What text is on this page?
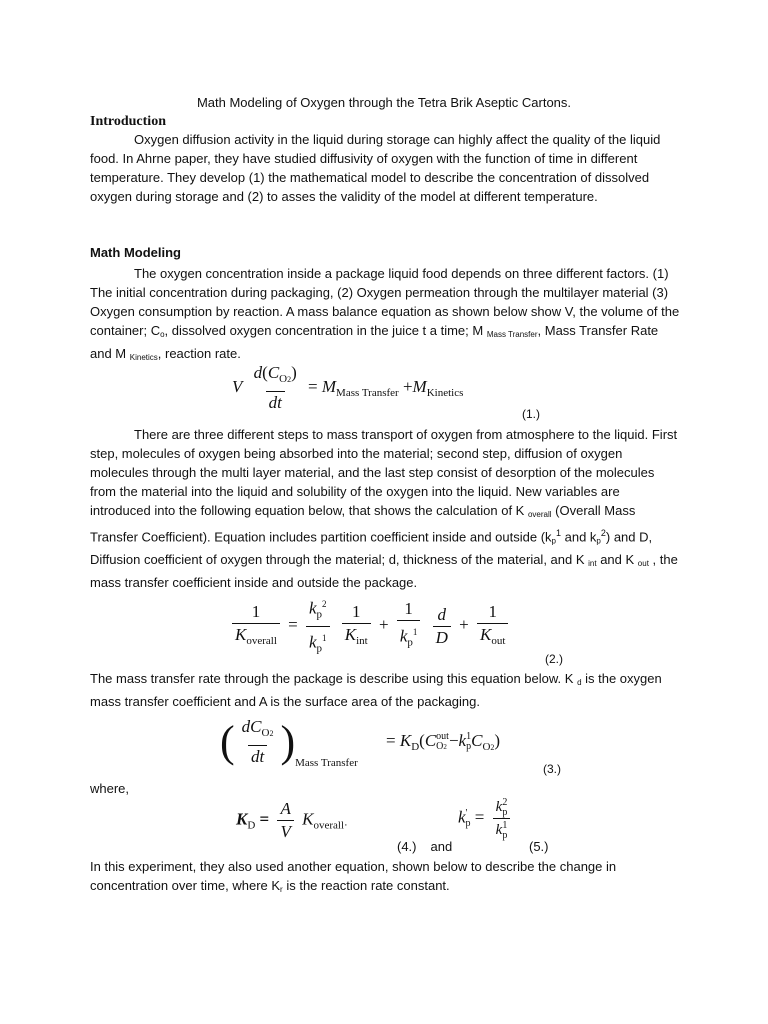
Math Modeling of Oxygen through the Tetra Brik Aseptic Cartons.
Introduction
Oxygen diffusion activity in the liquid during storage can highly affect the quality of the liquid food. In Ahrne paper, they have studied diffusivity of oxygen with the function of time in different temperature. They develop (1) the mathematical model to describe the concentration of dissolved oxygen during storage and (2) to asses the validity of the model at different temperature.
Math Modeling
The oxygen concentration inside a package liquid food depends on three different factors. (1) The initial concentration during packaging, (2) Oxygen permeation through the multilayer material (3) Oxygen consumption by reaction. A mass balance equation as shown below show V, the volume of the container; $C_o$, dissolved oxygen concentration in the juice t a time; M $_{Mass Transfer}$, Mass Transfer Rate and M $_{Kinetics}$, reaction rate.
V $\frac{d(C_{O2})}{dt} = M_{Mass Transfer} +M_{Kinetics}$
(1.)
There are three different steps to mass transport of oxygen from atmosphere to the liquid. First step, molecules of oxygen being absorbed into the material; second step, diffusion of oxygen molecules through the multi layer material, and the last step consist of desorption of the molecules from the material into the liquid and solubility of the oxygen into the liquid. New variables are introduced into the following equation below, that shows the calculation of K $_{overall}$ (Overall Mass Transfer Coefficient). Equation includes partition coefficient inside and outside ($k_p^1$ and $k_p^2$) and D, Diffusion coefficient of oxygen through the material; d, thickness of the material, and K $_{int}$ and K $_{out}$ , the mass transfer coefficient inside and outside the package.
$\frac{1}{K_{overall}} = \frac{k_p^2}{k_p^1}$
$\frac{1}{K_{int}} + \frac{1}{k_p^1}$
$\frac{d}{D} + \frac{1}{K_{out}}$
(2.)
The mass transfer rate through the package is describe using this equation below. K $_d$ is the oxygen mass transfer coefficient and A is the surface area of the packaging.
( $\frac{dC_{O2}}{dt} )_{Mass Transfer} = K_D(C$ out
O2 −k 1
p $C_{O2}$)
(3.)
where,
$K_D = \frac{A}{V} K_{overall\cdot}$
(4.) and
k '
p = k 2
p
k 1
p
(5.)
In this experiment, they also used another equation, shown below to describe the change in concentration over time, where $K_r$ is the reaction rate constant.
